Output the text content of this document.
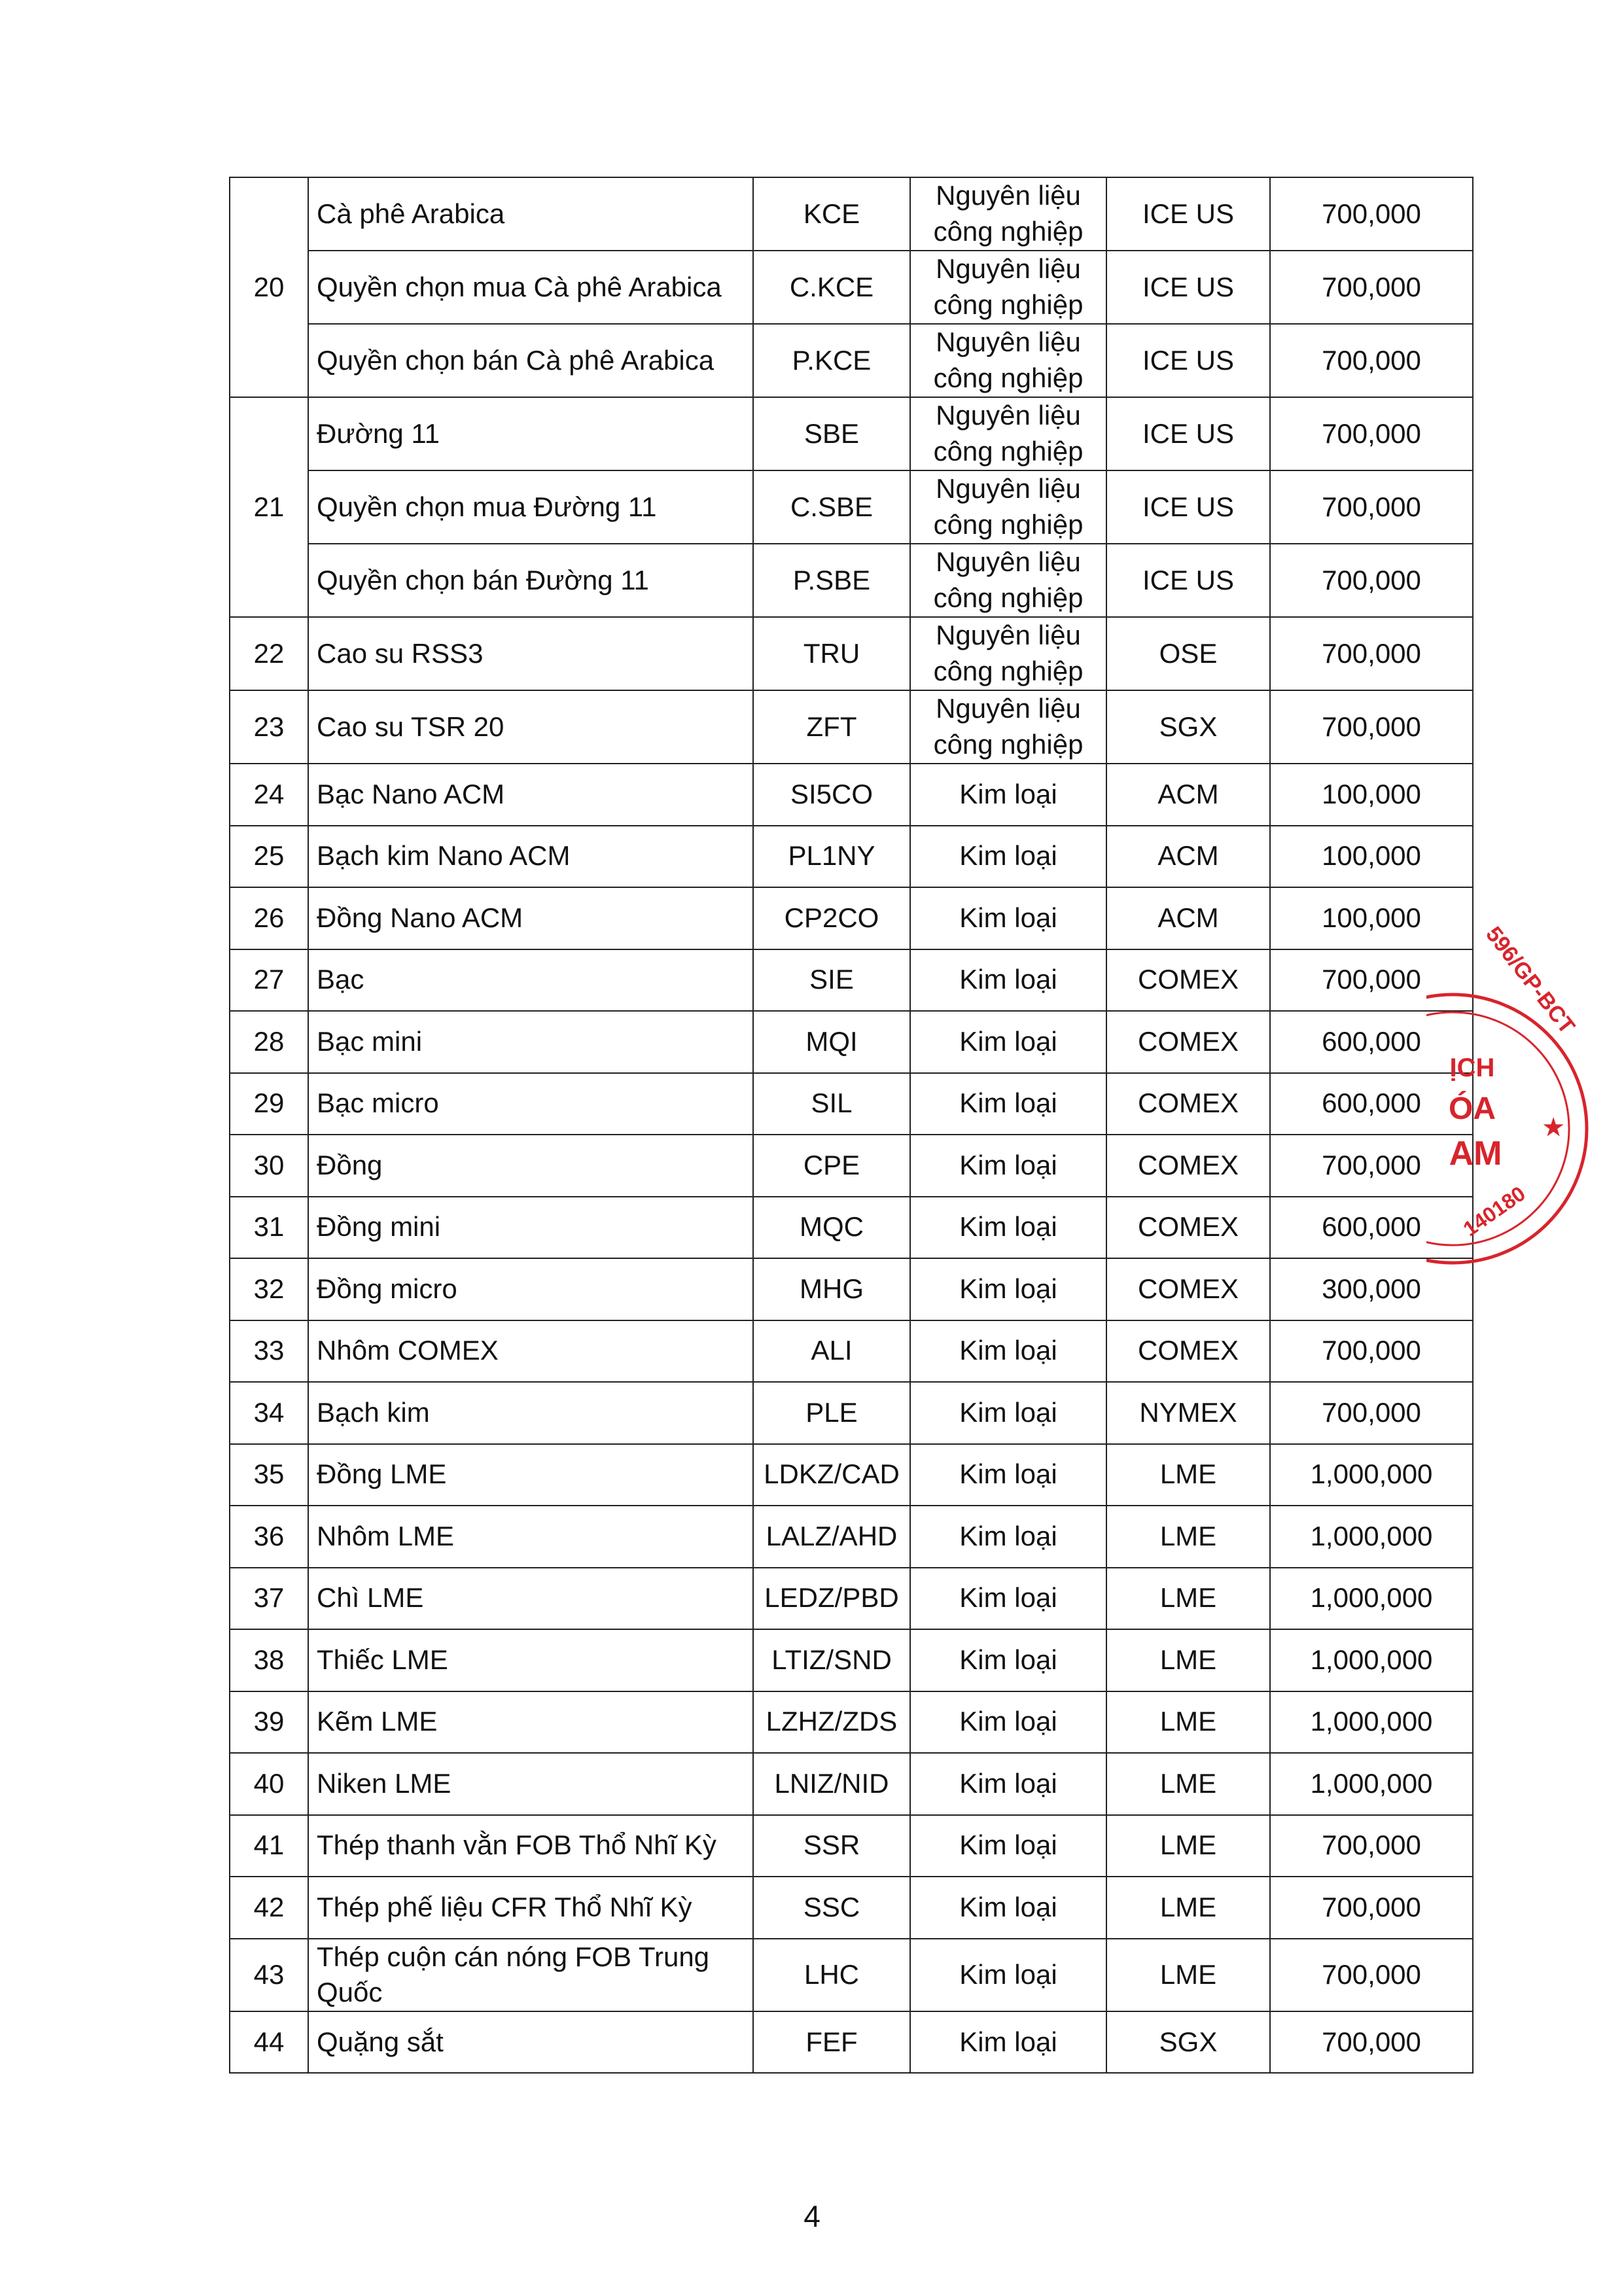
20	Cà phê Arabica	KCE	Nguyên liệu công nghiệp	ICE US	700,000
	Quyền chọn mua Cà phê Arabica	C.KCE	Nguyên liệu công nghiệp	ICE US	700,000
	Quyền chọn bán Cà phê Arabica	P.KCE	Nguyên liệu công nghiệp	ICE US	700,000
21	Đường 11	SBE	Nguyên liệu công nghiệp	ICE US	700,000
	Quyền chọn mua Đường 11	C.SBE	Nguyên liệu công nghiệp	ICE US	700,000
	Quyền chọn bán Đường 11	P.SBE	Nguyên liệu công nghiệp	ICE US	700,000
22	Cao su RSS3	TRU	Nguyên liệu công nghiệp	OSE	700,000
23	Cao su TSR 20	ZFT	Nguyên liệu công nghiệp	SGX	700,000
24	Bạc Nano ACM	SI5CO	Kim loại	ACM	100,000
25	Bạch kim Nano ACM	PL1NY	Kim loại	ACM	100,000
26	Đồng Nano ACM	CP2CO	Kim loại	ACM	100,000
27	Bạc	SIE	Kim loại	COMEX	700,000
28	Bạc mini	MQI	Kim loại	COMEX	600,000
29	Bạc micro	SIL	Kim loại	COMEX	600,000
30	Đồng	CPE	Kim loại	COMEX	700,000
31	Đồng mini	MQC	Kim loại	COMEX	600,000
32	Đồng micro	MHG	Kim loại	COMEX	300,000
33	Nhôm COMEX	ALI	Kim loại	COMEX	700,000
34	Bạch kim	PLE	Kim loại	NYMEX	700,000
35	Đồng LME	LDKZ/CAD	Kim loại	LME	1,000,000
36	Nhôm LME	LALZ/AHD	Kim loại	LME	1,000,000
37	Chì LME	LEDZ/PBD	Kim loại	LME	1,000,000
38	Thiếc LME	LTIZ/SND	Kim loại	LME	1,000,000
39	Kẽm LME	LZHZ/ZDS	Kim loại	LME	1,000,000
40	Niken LME	LNIZ/NID	Kim loại	LME	1,000,000
41	Thép thanh vằn FOB Thổ Nhĩ Kỳ	SSR	Kim loại	LME	700,000
42	Thép phế liệu CFR Thổ Nhĩ Kỳ	SSC	Kim loại	LME	700,000
43	Thép cuộn cán nóng FOB Trung Quốc	LHC	Kim loại	LME	700,000
44	Quặng sắt	FEF	Kim loại	SGX	700,000
596/GP-BCT
ỊCH
ÓA
AM
140180
★
4
